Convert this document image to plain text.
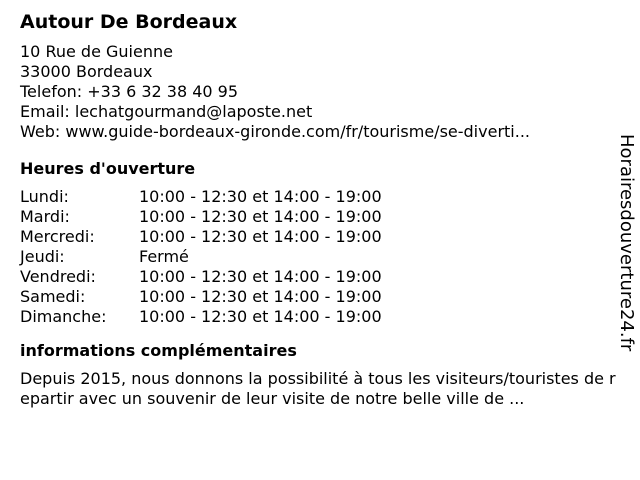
Autour De Bordeaux
10 Rue de Guienne
33000 Bordeaux
Telefon: +33 6 32 38 40 95
Email: lechatgourmand@laposte.net
Web: www.guide-bordeaux-gironde.com/fr/tourisme/se-diverti...
Heures d'ouverture
Lundi:	10:00 - 12:30 et 14:00 - 19:00
Mardi:	10:00 - 12:30 et 14:00 - 19:00
Mercredi:	10:00 - 12:30 et 14:00 - 19:00
Jeudi:	Fermé
Vendredi:	10:00 - 12:30 et 14:00 - 19:00
Samedi:	10:00 - 12:30 et 14:00 - 19:00
Dimanche:	10:00 - 12:30 et 14:00 - 19:00
informations complémentaires
Depuis 2015, nous donnons la possibilité à tous les visiteurs/touristes de repartir avec un souvenir de leur visite de notre belle ville de ...
Horairesdouverture24.fr
